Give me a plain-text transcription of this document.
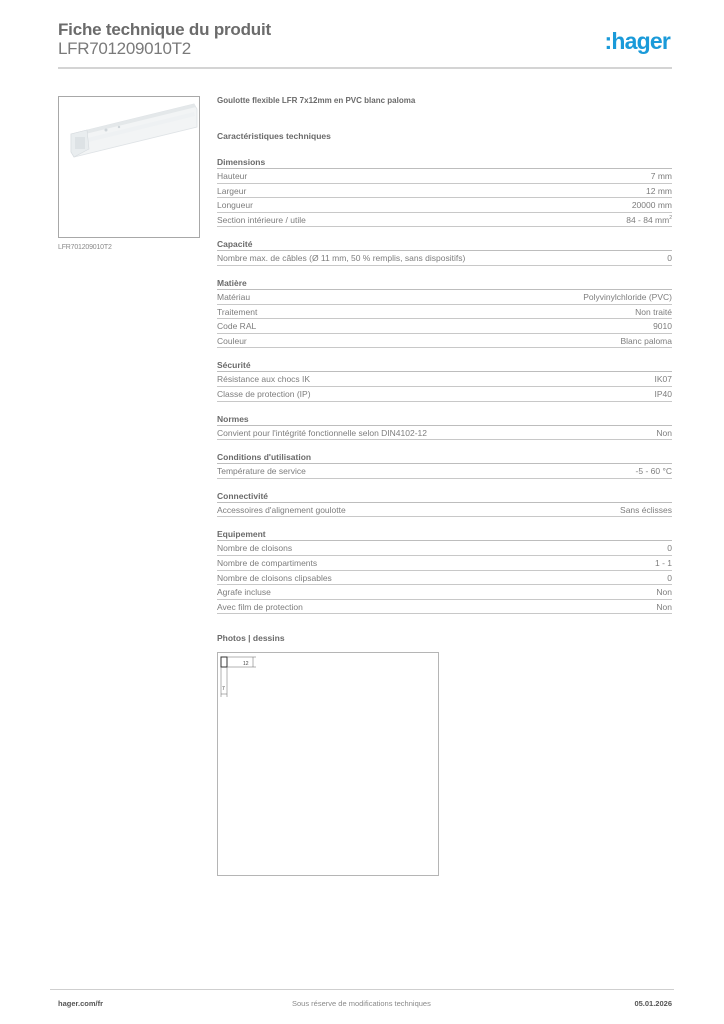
Fiche technique du produit
LFR701209010T2	:hager
LFR701209010T2
Goulotte flexible LFR 7x12mm en PVC blanc paloma
Caractéristiques techniques
Dimensions
Hauteur	7 mm
Largeur	12 mm
Longueur	20000 mm
Section intérieure / utile	84 - 84 $mm^2$
Capacité
Nombre max. de câbles (Ø 11 mm, 50 % remplis, sans dispositifs)	0
Matière
Matériau	Polyvinylchloride (PVC)
Traitement	Non traité
Code RAL	9010
Couleur	Blanc paloma
Sécurité
Résistance aux chocs IK	IK07
Classe de protection (IP)	IP40
Normes
Convient pour l'intégrité fonctionnelle selon DIN4102-12	Non
Conditions d'utilisation
Température de service	-5 - 60 °C
Connectivité
Accessoires d'alignement goulotte	Sans éclisses
Equipement
Nombre de cloisons	0
Nombre de compartiments	1 - 1
Nombre de cloisons clipsables	0
Agrafe incluse	Non
Avec film de protection	Non
Photos | dessins
12
7
hager.com/fr	Sous réserve de modifications techniques	05.01.2026
